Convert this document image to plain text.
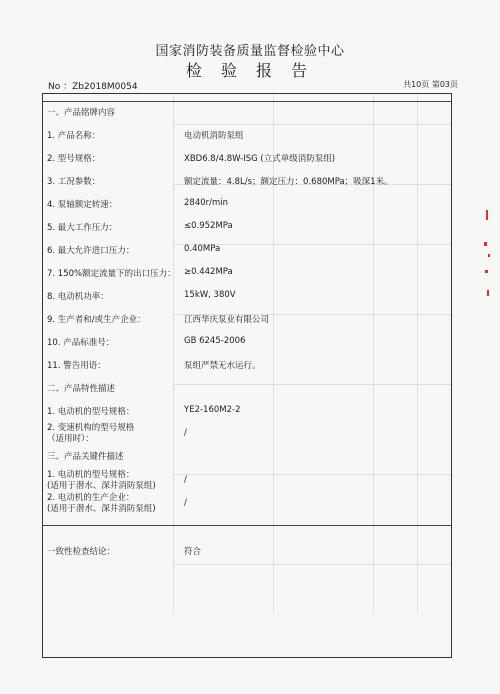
国家消防装备质量监督检验中心
检 验 报 告
No ：Zb2018M0054	共10页 第03页
一、产品铭牌内容
1. 产品名称：	电动机消防泵组
2. 型号规格：	XBD6.8/4.8W-ISG (立式单级消防泵组)
3. 工况参数：	额定流量：4.8L/s；额定压力：0.680MPa；吸深1米。
4. 泵轴额定转速：	2840r/min
5. 最大工作压力：	≤0.952MPa
6. 最大允许进口压力：	0.40MPa
7. 150%额定流量下的出口压力： ≥0.442MPa
8. 电动机功率：	15kW, 380V
9. 生产者和/或生产企业：	江西华庆泵业有限公司
10. 产品标准号：	GB 6245-2006
11. 警告用语：	泵组严禁无水运行。
二、产品特性描述
1. 电动机的型号规格：	YE2-160M2-2
2. 变速机构的型号规格
（适用时）：
/
三、产品关键件描述
1. 电动机的型号规格：
(适用于潜水、深井消防泵组)
/
2. 电动机的生产企业：
(适用于潜水、深井消防泵组)
/
一致性检查结论：	符合
